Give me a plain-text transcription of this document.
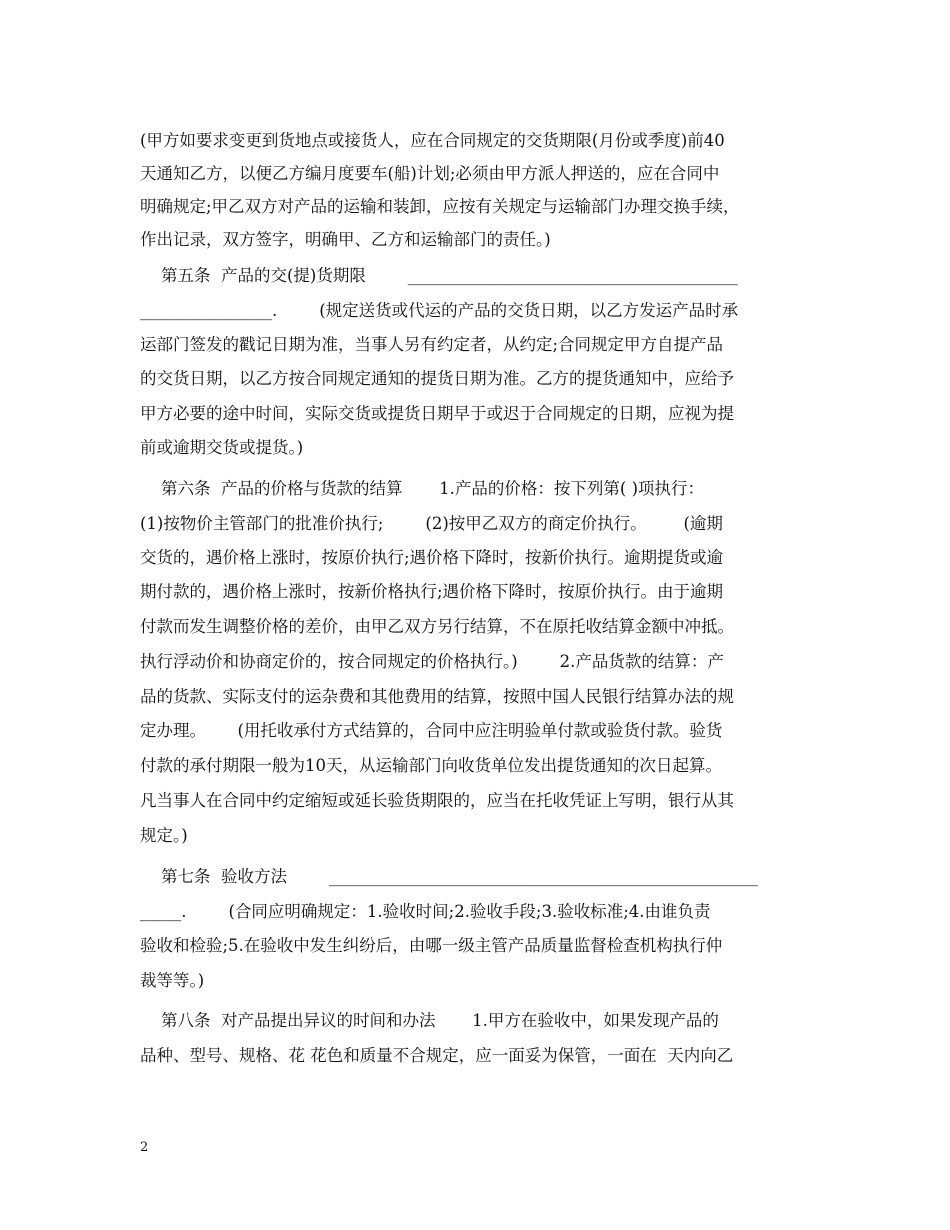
(甲方如要求变更到货地点或接货人，应在合同规定的交货期限(月份或季度)前40
天通知乙方，以便乙方编月度要车(船)计划;必须由甲方派人押送的，应在合同中
明确规定;甲乙双方对产品的运输和装卸，应按有关规定与运输部门办理交换手续，
作出记录，双方签字，明确甲、乙方和运输部门的责任。)
第五条  产品的交(提)货期限        ________________________________________
________________.        (规定送货或代运的产品的交货日期，以乙方发运产品时承
运部门签发的戳记日期为准，当事人另有约定者，从约定;合同规定甲方自提产品
的交货日期，以乙方按合同规定通知的提货日期为准。乙方的提货通知中，应给予
甲方必要的途中时间，实际交货或提货日期早于或迟于合同规定的日期，应视为提
前或逾期交货或提货。)
第六条  产品的价格与货款的结算       1.产品的价格：按下列第( )项执行：
(1)按物价主管部门的批准价执行;        (2)按甲乙双方的商定价执行。       (逾期
交货的，遇价格上涨时，按原价执行;遇价格下降时，按新价执行。逾期提货或逾
期付款的，遇价格上涨时，按新价格执行;遇价格下降时，按原价执行。由于逾期
付款而发生调整价格的差价，由甲乙双方另行结算，不在原托收结算金额中冲抵。
执行浮动价和协商定价的，按合同规定的价格执行。)        2.产品货款的结算：产
品的货款、实际支付的运杂费和其他费用的结算，按照中国人民银行结算办法的规
定办理。      (用托收承付方式结算的，合同中应注明验单付款或验货付款。验货
付款的承付期限一般为10天，从运输部门向收货单位发出提货通知的次日起算。
凡当事人在合同中约定缩短或延长验货期限的，应当在托收凭证上写明，银行从其
规定。)
第七条  验收方法        ____________________________________________________
_____.        (合同应明确规定：1.验收时间;2.验收手段;3.验收标准;4.由谁负责
验收和检验;5.在验收中发生纠纷后，由哪一级主管产品质量监督检查机构执行仲
裁等等。)
第八条  对产品提出异议的时间和办法       1.甲方在验收中，如果发现产品的
品种、型号、规格、花 花色和质量不合规定，应一面妥为保管，一面在  天内向乙
2
